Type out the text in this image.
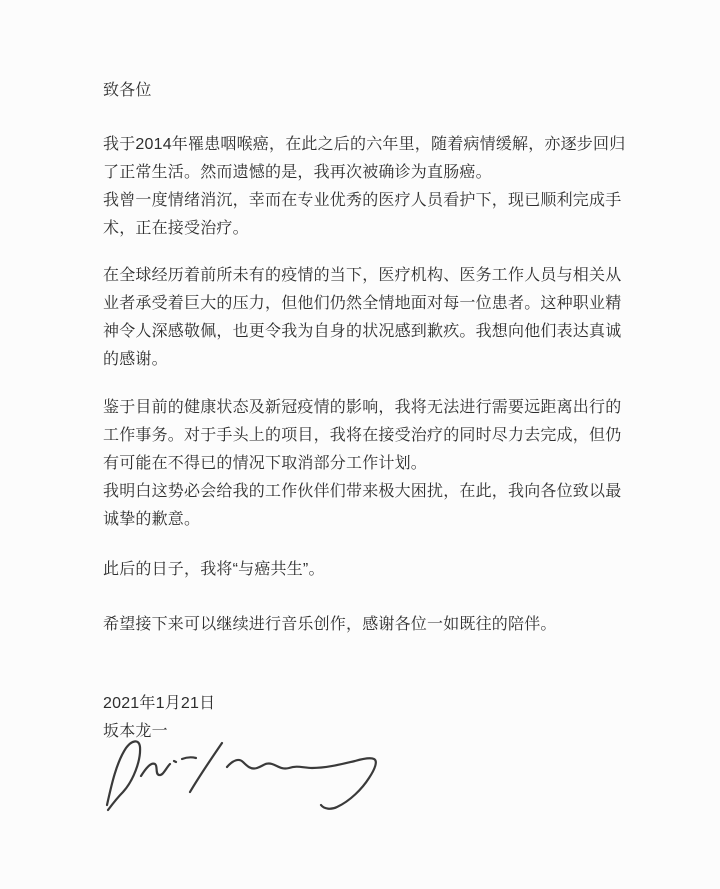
致各位
我于2014年罹患咽喉癌，在此之后的六年里，随着病情缓解，亦逐步回归
了正常生活。然而遗憾的是，我再次被确诊为直肠癌。
我曾一度情绪消沉，幸而在专业优秀的医疗人员看护下，现已顺利完成手
术，正在接受治疗。
在全球经历着前所未有的疫情的当下，医疗机构、医务工作人员与相关从
业者承受着巨大的压力，但他们仍然全情地面对每一位患者。这种职业精
神令人深感敬佩，也更令我为自身的状况感到歉疚。我想向他们表达真诚
的感谢。
鉴于目前的健康状态及新冠疫情的影响，我将无法进行需要远距离出行的
工作事务。对于手头上的项目，我将在接受治疗的同时尽力去完成，但仍
有可能在不得已的情况下取消部分工作计划。
我明白这势必会给我的工作伙伴们带来极大困扰，在此，我向各位致以最
诚挚的歉意。
此后的日子，我将“与癌共生”。
希望接下来可以继续进行音乐创作，感谢各位一如既往的陪伴。
2021年1月21日
坂本龙一
